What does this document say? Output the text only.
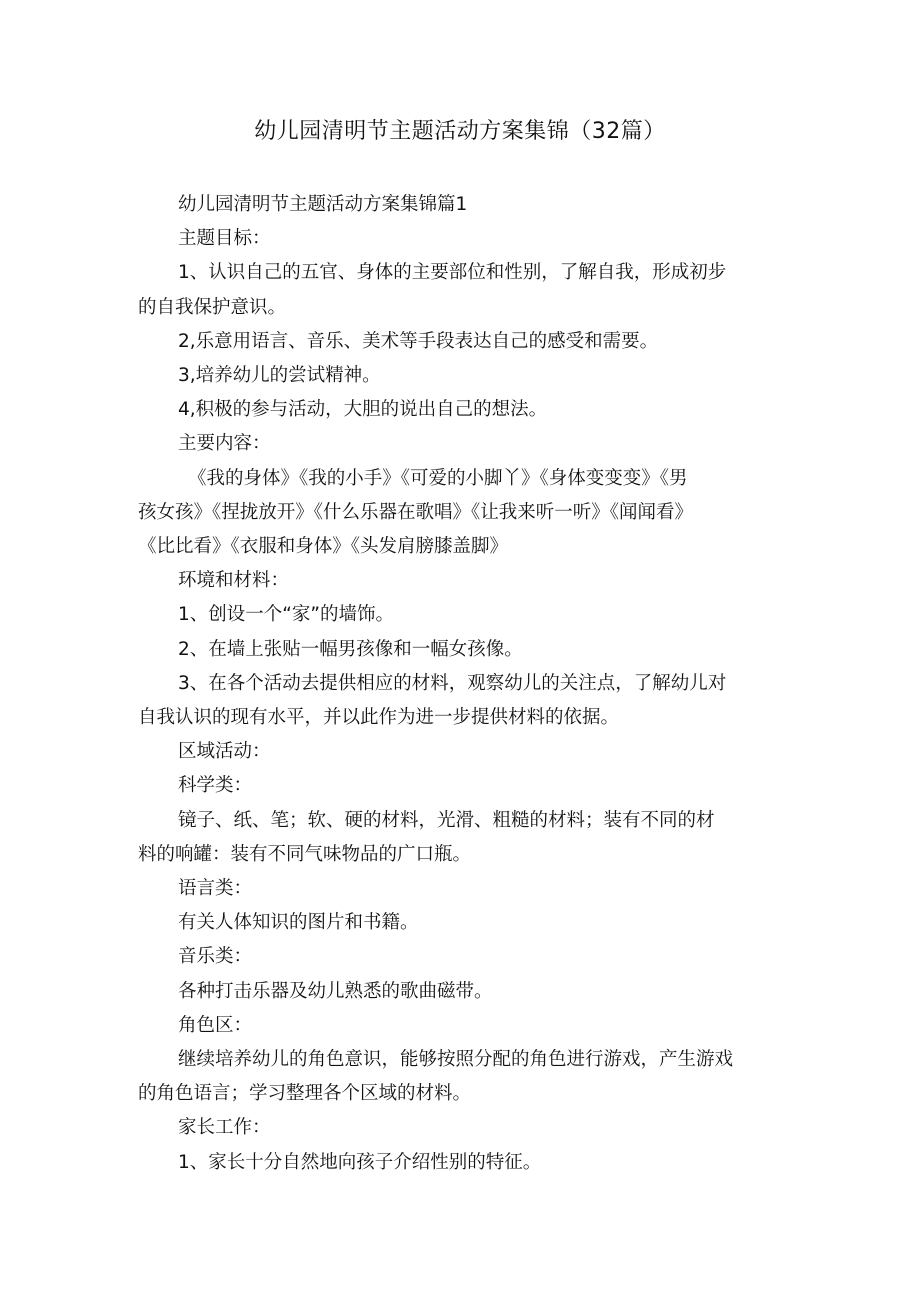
幼儿园清明节主题活动方案集锦（32篇）

幼儿园清明节主题活动方案集锦篇1

主题目标：

1、认识自己的五官、身体的主要部位和性别，了解自我，形成初步

的自我保护意识。

2,乐意用语言、音乐、美术等手段表达自己的感受和需要。

3,培养幼儿的尝试精神。

4,积极的参与活动，大胆的说出自己的想法。

主要内容：

《我的身体》《我的小手》《可爱的小脚丫》《身体变变变》《男

孩女孩》《捏拢放开》《什么乐器在歌唱》《让我来听一听》《闻闻看》

《比比看》《衣服和身体》《头发肩膀膝盖脚》

环境和材料：

1、创设一个“家”的墙饰。

2、在墙上张贴一幅男孩像和一幅女孩像。

3、在各个活动去提供相应的材料，观察幼儿的关注点，了解幼儿对

自我认识的现有水平，并以此作为进一步提供材料的依据。

区域活动：

科学类：

镜子、纸、笔；软、硬的材料，光滑、粗糙的材料；装有不同的材

料的响罐：装有不同气味物品的广口瓶。

语言类：

有关人体知识的图片和书籍。

音乐类：

各种打击乐器及幼儿熟悉的歌曲磁带。

角色区：

继续培养幼儿的角色意识，能够按照分配的角色进行游戏，产生游戏

的角色语言；学习整理各个区域的材料。

家长工作：

1、家长十分自然地向孩子介绍性别的特征。
